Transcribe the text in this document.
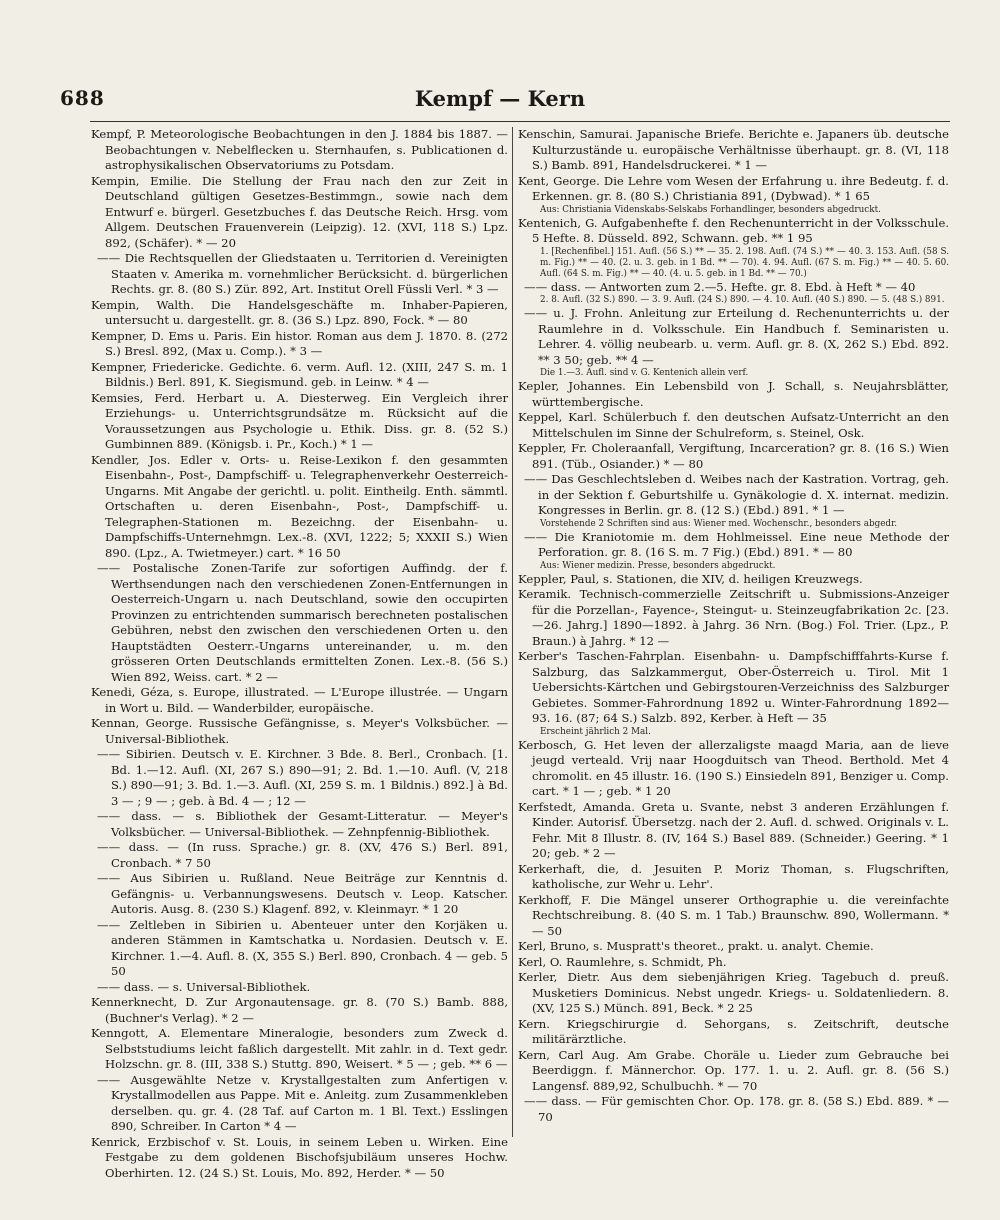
688	Kempf — Kern

Kempf, P. Meteorologische Beobachtungen in den J. 1884 bis 1887. — Beobachtungen v. Nebelflecken u. Sternhaufen, s. Publicationen d. astrophysikalischen Observatoriums zu Potsdam.

Kempin, Emilie. Die Stellung der Frau nach den zur Zeit in Deutschland gültigen Gesetzes-Bestimmgn., sowie nach dem Entwurf e. bürgerl. Gesetzbuches f. das Deutsche Reich. Hrsg. vom Allgem. Deutschen Frauenverein (Leipzig). 12. (XVI, 118 S.) Lpz. 892, (Schäfer). * — 20

—— Die Rechtsquellen der Gliedstaaten u. Territorien d. Vereinigten Staaten v. Amerika m. vornehmlicher Berücksicht. d. bürgerlichen Rechts. gr. 8. (80 S.) Zür. 892, Art. Institut Orell Füssli Verl. * 3 —

Kempin, Walth. Die Handelsgeschäfte m. Inhaber-Papieren, untersucht u. dargestellt. gr. 8. (36 S.) Lpz. 890, Fock. * — 80

Kempner, D. Ems u. Paris. Ein histor. Roman aus dem J. 1870. 8. (272 S.) Bresl. 892, (Max u. Comp.). * 3 —

Kempner, Friedericke. Gedichte. 6. verm. Aufl. 12. (XIII, 247 S. m. 1 Bildnis.) Berl. 891, K. Siegismund. geb. in Leinw. * 4 —

Kemsies, Ferd. Herbart u. A. Diesterweg. Ein Vergleich ihrer Erziehungs- u. Unterrichtsgrundsätze m. Rücksicht auf die Voraussetzungen aus Psychologie u. Ethik. Diss. gr. 8. (52 S.) Gumbinnen 889. (Königsb. i. Pr., Koch.) * 1 —

Kendler, Jos. Edler v. Orts- u. Reise-Lexikon f. den gesammten Eisenbahn-, Post-, Dampfschiff- u. Telegraphenverkehr Oesterreich-Ungarns. Mit Angabe der gerichtl. u. polit. Eintheilg. Enth. sämmtl. Ortschaften u. deren Eisenbahn-, Post-, Dampfschiff- u. Telegraphen-Stationen m. Bezeichng. der Eisenbahn- u. Dampfschiffs-Unternehmgn. Lex.-8. (XVI, 1222; 5; XXXII S.) Wien 890. (Lpz., A. Twietmeyer.) cart. * 16 50

—— Postalische Zonen-Tarife zur sofortigen Auffindg. der f. Werthsendungen nach den verschiedenen Zonen-Entfernungen in Oesterreich-Ungarn u. nach Deutschland, sowie den occupirten Provinzen zu entrichtenden summarisch berechneten postalischen Gebühren, nebst den zwischen den verschiedenen Orten u. den Hauptstädten Oesterr.-Ungarns untereinander, u. m. den grösseren Orten Deutschlands ermittelten Zonen. Lex.-8. (56 S.) Wien 892, Weiss. cart. * 2 —

Kenedi, Géza, s. Europe, illustrated. — L'Europe illustrée. — Ungarn in Wort u. Bild. — Wanderbilder, europäische.

Kennan, George. Russische Gefängnisse, s. Meyer's Volksbücher. — Universal-Bibliothek.

—— Sibirien. Deutsch v. E. Kirchner. 3 Bde. 8. Berl., Cronbach. [1. Bd. 1.—12. Aufl. (XI, 267 S.) 890—91; 2. Bd. 1.—10. Aufl. (V, 218 S.) 890—91; 3. Bd. 1.—3. Aufl. (XI, 259 S. m. 1 Bildnis.) 892.] à Bd. 3 — ; 9 — ; geb. à Bd. 4 — ; 12 —

—— dass. — s. Bibliothek der Gesamt-Litteratur. — Meyer's Volksbücher. — Universal-Bibliothek. — Zehnpfennig-Bibliothek.

—— dass. — (In russ. Sprache.) gr. 8. (XV, 476 S.) Berl. 891, Cronbach. * 7 50

—— Aus Sibirien u. Rußland. Neue Beiträge zur Kenntnis d. Gefängnis- u. Verbannungswesens. Deutsch v. Leop. Katscher. Autoris. Ausg. 8. (230 S.) Klagenf. 892, v. Kleinmayr. * 1 20

—— Zeltleben in Sibirien u. Abenteuer unter den Korjäken u. anderen Stämmen in Kamtschatka u. Nordasien. Deutsch v. E. Kirchner. 1.—4. Aufl. 8. (X, 355 S.) Berl. 890, Cronbach. 4 — geb. 5 50

—— dass. — s. Universal-Bibliothek.

Kennerknecht, D. Zur Argonautensage. gr. 8. (70 S.) Bamb. 888, (Buchner's Verlag). * 2 —

Kenngott, A. Elementare Mineralogie, besonders zum Zweck d. Selbststudiums leicht faßlich dargestellt. Mit zahlr. in d. Text gedr. Holzschn. gr. 8. (III, 338 S.) Stuttg. 890, Weisert. * 5 — ; geb. ** 6 —

—— Ausgewählte Netze v. Krystallgestalten zum Anfertigen v. Krystallmodellen aus Pappe. Mit e. Anleitg. zum Zusammenkleben derselben. qu. gr. 4. (28 Taf. auf Carton m. 1 Bl. Text.) Esslingen 890, Schreiber. In Carton * 4 —

Kenrick, Erzbischof v. St. Louis, in seinem Leben u. Wirken. Eine Festgabe zu dem goldenen Bischofsjubiläum unseres Hochw. Oberhirten. 12. (24 S.) St. Louis, Mo. 892, Herder. * — 50

Kenschin, Samurai. Japanische Briefe. Berichte e. Japaners üb. deutsche Kulturzustände u. europäische Verhältnisse überhaupt. gr. 8. (VI, 118 S.) Bamb. 891, Handelsdruckerei. * 1 —

Kent, George. Die Lehre vom Wesen der Erfahrung u. ihre Bedeutg. f. d. Erkennen. gr. 8. (80 S.) Christiania 891, (Dybwad). * 1 65

Aus: Christiania Videnskabs-Selskabs Forhandlinger, besonders abgedruckt.

Kentenich, G. Aufgabenhefte f. den Rechenunterricht in der Volksschule. 5 Hefte. 8. Düsseld. 892, Schwann. geb. ** 1 95

1. [Rechenfibel.] 151. Aufl. (56 S.) ** — 35. 2. 198. Aufl. (74 S.) ** — 40. 3. 153. Aufl. (58 S. m. Fig.) ** — 40. (2. u. 3. geb. in 1 Bd. ** — 70). 4. 94. Aufl. (67 S. m. Fig.) ** — 40. 5. 60. Aufl. (64 S. m. Fig.) ** — 40. (4. u. 5. geb. in 1 Bd. ** — 70.)

—— dass. — Antworten zum 2.—5. Hefte. gr. 8. Ebd. à Heft * — 40

2. 8. Aufl. (32 S.) 890. — 3. 9. Aufl. (24 S.) 890. — 4. 10. Aufl. (40 S.) 890. — 5. (48 S.) 891.

—— u. J. Frohn. Anleitung zur Erteilung d. Rechenunterrichts u. der Raumlehre in d. Volksschule. Ein Handbuch f. Seminaristen u. Lehrer. 4. völlig neubearb. u. verm. Aufl. gr. 8. (X, 262 S.) Ebd. 892. ** 3 50; geb. ** 4 —

Die 1.—3. Aufl. sind v. G. Kentenich allein verf.

Kepler, Johannes. Ein Lebensbild von J. Schall, s. Neujahrsblätter, württembergische.

Keppel, Karl. Schülerbuch f. den deutschen Aufsatz-Unterricht an den Mittelschulen im Sinne der Schulreform, s. Steinel, Osk.

Keppler, Fr. Choleraanfall, Vergiftung, Incarceration? gr. 8. (16 S.) Wien 891. (Tüb., Osiander.) * — 80

—— Das Geschlechtsleben d. Weibes nach der Kastration. Vortrag, geh. in der Sektion f. Geburtshilfe u. Gynäkologie d. X. internat. medizin. Kongresses in Berlin. gr. 8. (12 S.) (Ebd.) 891. * 1 —

Vorstehende 2 Schriften sind aus: Wiener med. Wochenschr., besonders abgedr.

—— Die Kraniotomie m. dem Hohlmeissel. Eine neue Methode der Perforation. gr. 8. (16 S. m. 7 Fig.) (Ebd.) 891. * — 80

Aus: Wiener medizin. Presse, besonders abgedruckt.

Keppler, Paul, s. Stationen, die XIV, d. heiligen Kreuzwegs.

Keramik. Technisch-commerzielle Zeitschrift u. Submissions-Anzeiger für die Porzellan-, Fayence-, Steingut- u. Steinzeugfabrikation 2c. [23.—26. Jahrg.] 1890—1892. à Jahrg. 36 Nrn. (Bog.) Fol. Trier. (Lpz., P. Braun.) à Jahrg. * 12 —

Kerber's Taschen-Fahrplan. Eisenbahn- u. Dampfschifffahrts-Kurse f. Salzburg, das Salzkammergut, Ober-Österreich u. Tirol. Mit 1 Uebersichts-Kärtchen und Gebirgstouren-Verzeichniss des Salzburger Gebietes. Sommer-Fahrordnung 1892 u. Winter-Fahrordnung 1892—93. 16. (87; 64 S.) Salzb. 892, Kerber. à Heft — 35

Erscheint jährlich 2 Mal.

Kerbosch, G. Het leven der allerzaligste maagd Maria, aan de lieve jeugd verteald. Vrij naar Hoogduitsch van Theod. Berthold. Met 4 chromolit. en 45 illustr. 16. (190 S.) Einsiedeln 891, Benziger u. Comp. cart. * 1 — ; geb. * 1 20

Kerfstedt, Amanda. Greta u. Svante, nebst 3 anderen Erzählungen f. Kinder. Autorisf. Übersetzg. nach der 2. Aufl. d. schwed. Originals v. L. Fehr. Mit 8 Illustr. 8. (IV, 164 S.) Basel 889. (Schneider.) Geering. * 1 20; geb. * 2 —

Kerkerhaft, die, d. Jesuiten P. Moriz Thoman, s. Flugschriften, katholische, zur Wehr u. Lehr'.

Kerkhoff, F. Die Mängel unserer Orthographie u. die vereinfachte Rechtschreibung. 8. (40 S. m. 1 Tab.) Braunschw. 890, Wollermann. * — 50

Kerl, Bruno, s. Muspratt's theoret., prakt. u. analyt. Chemie.

Kerl, O. Raumlehre, s. Schmidt, Ph.

Kerler, Dietr. Aus dem siebenjährigen Krieg. Tagebuch d. preuß. Musketiers Dominicus. Nebst ungedr. Kriegs- u. Soldatenliedern. 8. (XV, 125 S.) Münch. 891, Beck. * 2 25

Kern. Kriegschirurgie d. Sehorgans, s. Zeitschrift, deutsche militärärztliche.

Kern, Carl Aug. Am Grabe. Choräle u. Lieder zum Gebrauche bei Beerdiggn. f. Männerchor. Op. 177. 1. u. 2. Aufl. gr. 8. (56 S.) Langensf. 889,92, Schulbuchh. * — 70

—— dass. — Für gemischten Chor. Op. 178. gr. 8. (58 S.) Ebd. 889. * — 70
